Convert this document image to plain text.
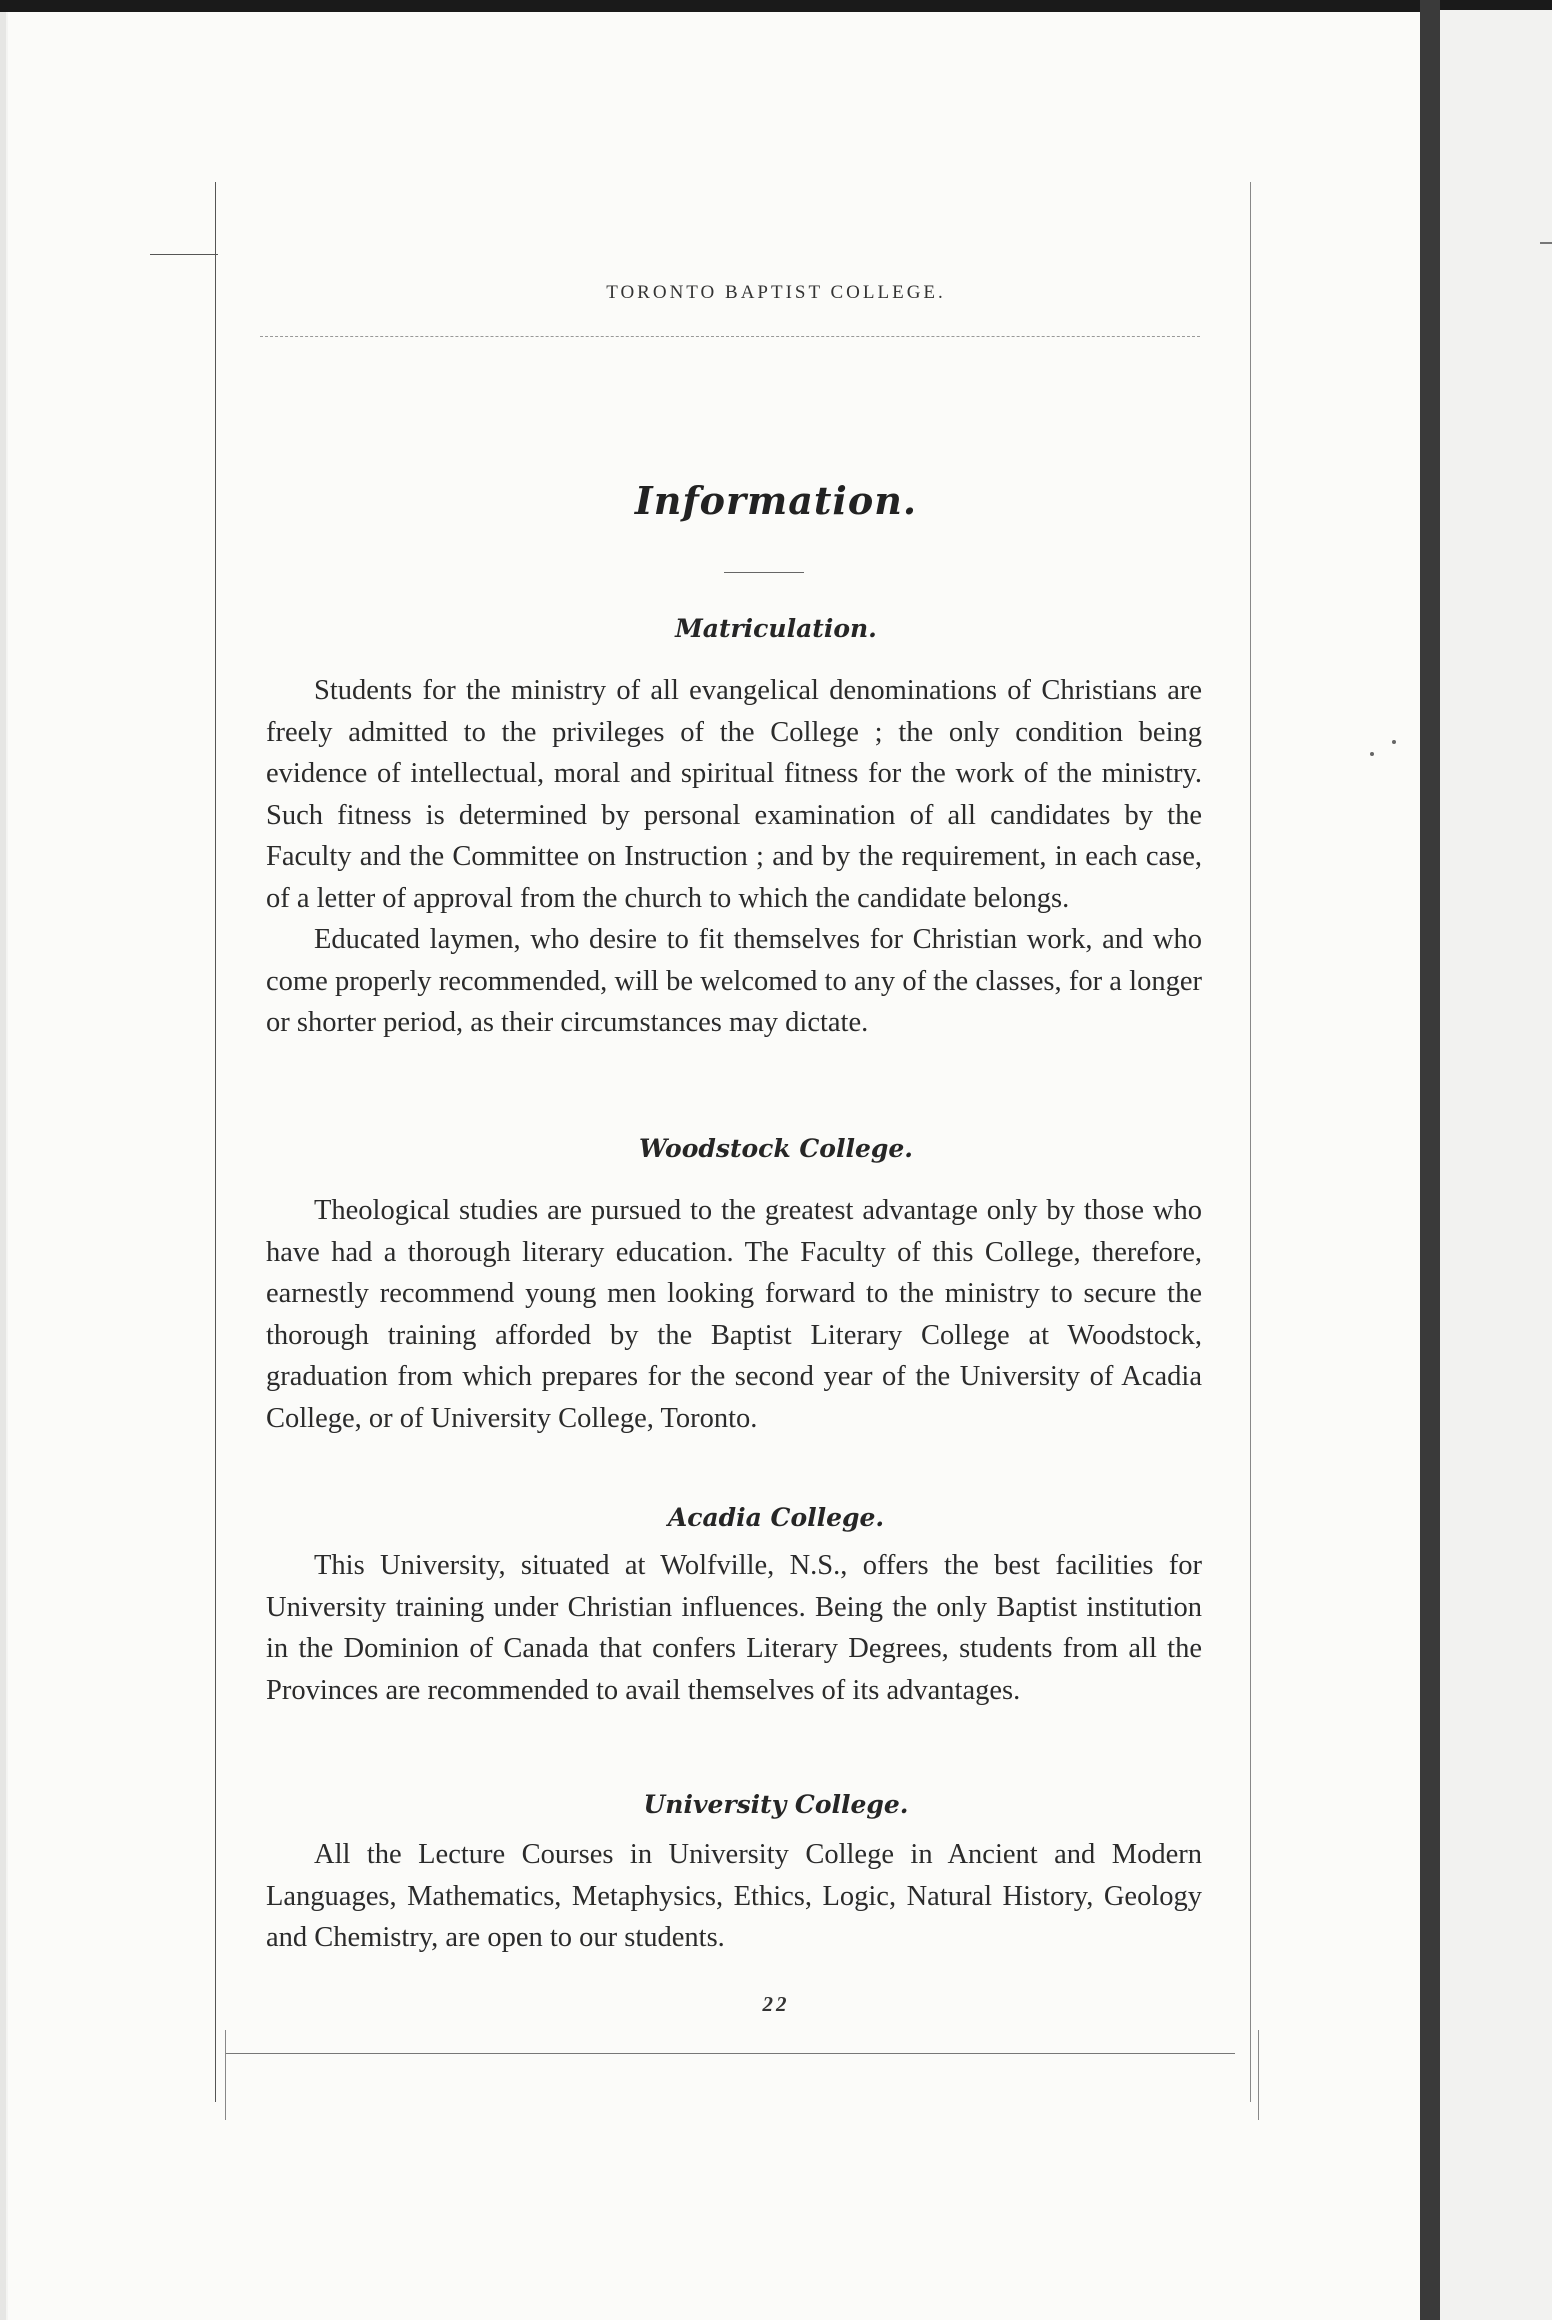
TORONTO BAPTIST COLLEGE.
Information.
Matriculation.

Students for the ministry of all evangelical denominations of Christians are freely admitted to the privileges of the College ; the only condition being evidence of intellectual, moral and spiritual fitness for the work of the ministry. Such fitness is determined by personal examination of all candidates by the Faculty and the Committee on Instruction ; and by the requirement, in each case, of a letter of approval from the church to which the candidate belongs.

Educated laymen, who desire to fit themselves for Christian work, and who come properly recommended, will be welcomed to any of the classes, for a longer or shorter period, as their circumstances may dictate.

Woodstock College.

Theological studies are pursued to the greatest advantage only by those who have had a thorough literary education. The Faculty of this College, therefore, earnestly recommend young men looking forward to the ministry to secure the thorough training afforded by the Baptist Literary College at Woodstock, graduation from which prepares for the second year of the University of Acadia College, or of University College, Toronto.

Acadia College.

This University, situated at Wolfville, N.S., offers the best facilities for University training under Christian influences. Being the only Baptist institution in the Dominion of Canada that confers Literary Degrees, students from all the Provinces are recommended to avail themselves of its advantages.

University College.

All the Lecture Courses in University College in Ancient and Modern Languages, Mathematics, Metaphysics, Ethics, Logic, Natural History, Geology and Chemistry, are open to our students.

22
